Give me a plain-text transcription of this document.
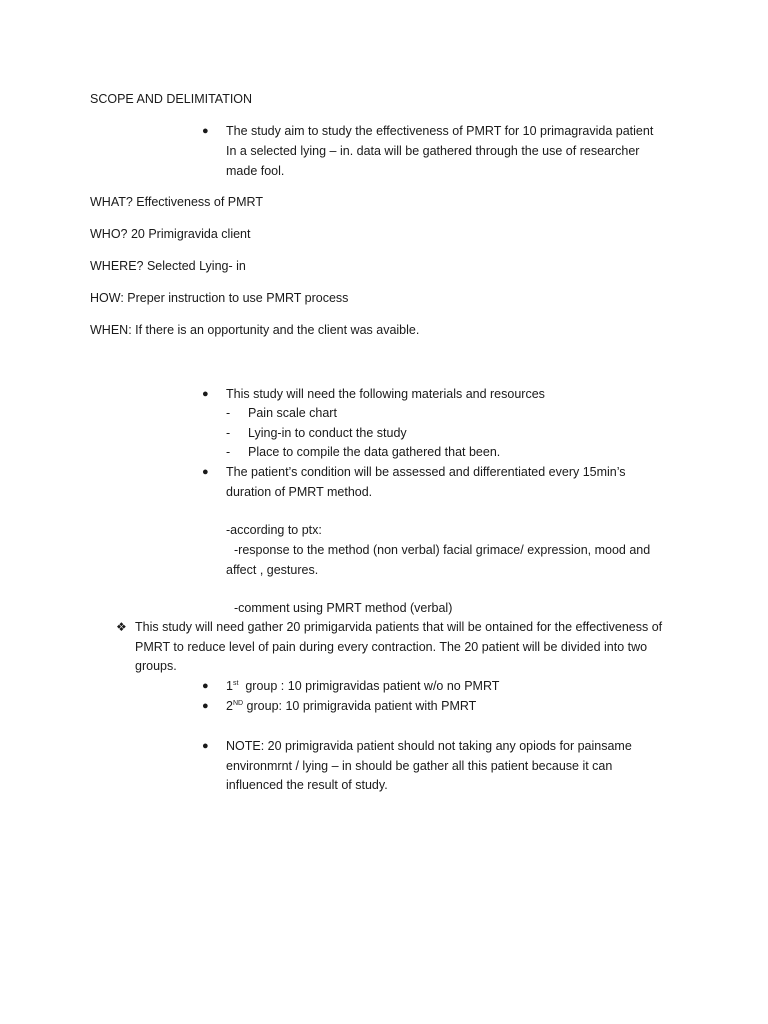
SCOPE AND DELIMITATION
● The study aim to study the effectiveness of PMRT for 10 primagravida patient
In a selected lying – in. data will be gathered through the use of researcher
made fool.
WHAT? Effectiveness of PMRT
WHO? 20 Primigravida client
WHERE? Selected Lying- in
HOW: Preper instruction to use PMRT process
WHEN: If there is an opportunity and the client was avaible.
● This study will need the following materials and resources
- Pain scale chart
- Lying-in to conduct the study
- Place to compile the data gathered that been.
● The patient’s condition will be assessed and differentiated every 15min’s
duration of PMRT method.
-according to ptx:
-response to the method (non verbal) facial grimace/ expression, mood and
affect , gestures.
-comment using PMRT method (verbal)
❖ This study will need gather 20 primigarvida patients that will be ontained for the effectiveness of
PMRT to reduce level of pain during every contraction. The 20 patient will be divided into two
groups.
● 1st  group : 10 primigravidas patient w/o no PMRT
● 2ND group: 10 primigravida patient with PMRT
● NOTE: 20 primigravida patient should not taking any opiods for painsame
environmrnt / lying – in should be gather all this patient because it can
influenced the result of study.
